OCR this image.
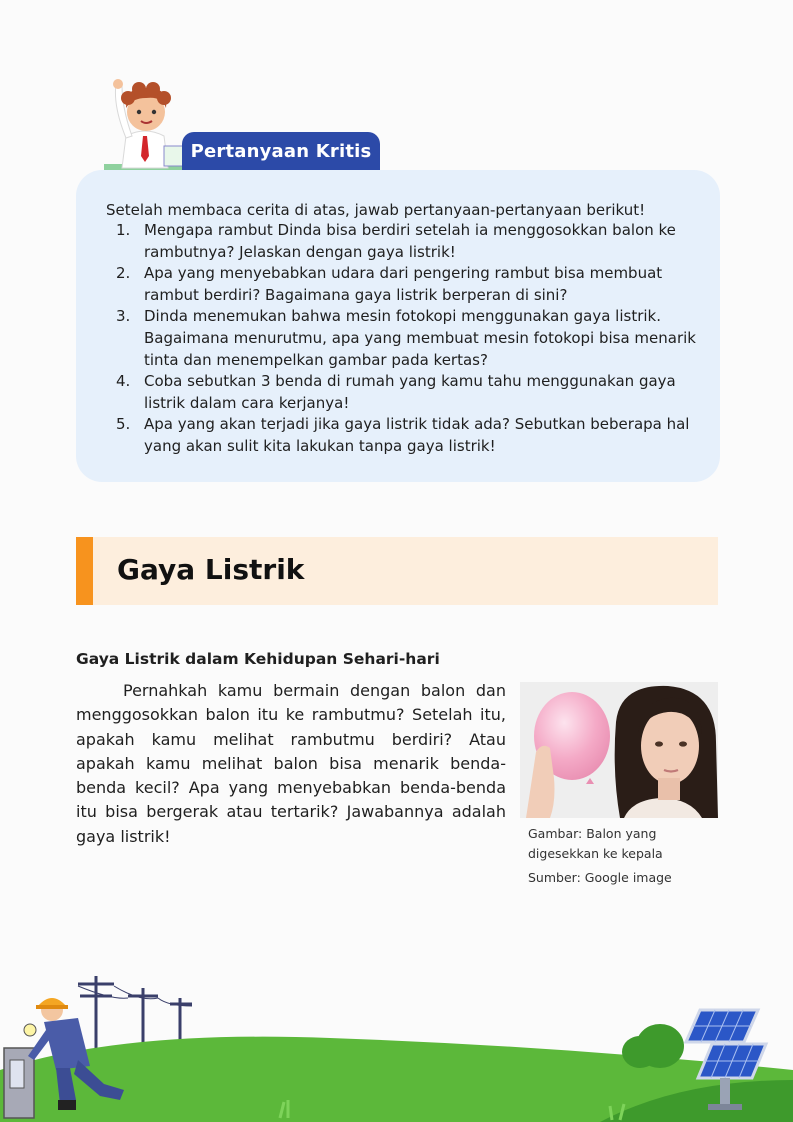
Pertanyaan Kritis
Setelah membaca cerita di atas, jawab pertanyaan-pertanyaan berikut!
1. Mengapa rambut Dinda bisa berdiri setelah ia menggosokkan balon ke rambutnya? Jelaskan dengan gaya listrik!
2. Apa yang menyebabkan udara dari pengering rambut bisa membuat rambut berdiri? Bagaimana gaya listrik berperan di sini?
3. Dinda menemukan bahwa mesin fotokopi menggunakan gaya listrik. Bagaimana menurutmu, apa yang membuat mesin fotokopi bisa menarik tinta dan menempelkan gambar pada kertas?
4. Coba sebutkan 3 benda di rumah yang kamu tahu menggunakan gaya listrik dalam cara kerjanya!
5. Apa yang akan terjadi jika gaya listrik tidak ada? Sebutkan beberapa hal yang akan sulit kita lakukan tanpa gaya listrik!
Gaya Listrik
Gaya Listrik dalam Kehidupan Sehari-hari

Pernahkah kamu bermain dengan balon dan menggosokkan balon itu ke rambutmu? Setelah itu, apakah kamu melihat rambutmu berdiri? Atau apakah kamu melihat balon bisa menarik benda-benda kecil? Apa yang menyebabkan benda-benda itu bisa bergerak atau tertarik? Jawabannya adalah gaya listrik!	Gambar: Balon yang digesekkan ke kepala
Sumber: Google image
